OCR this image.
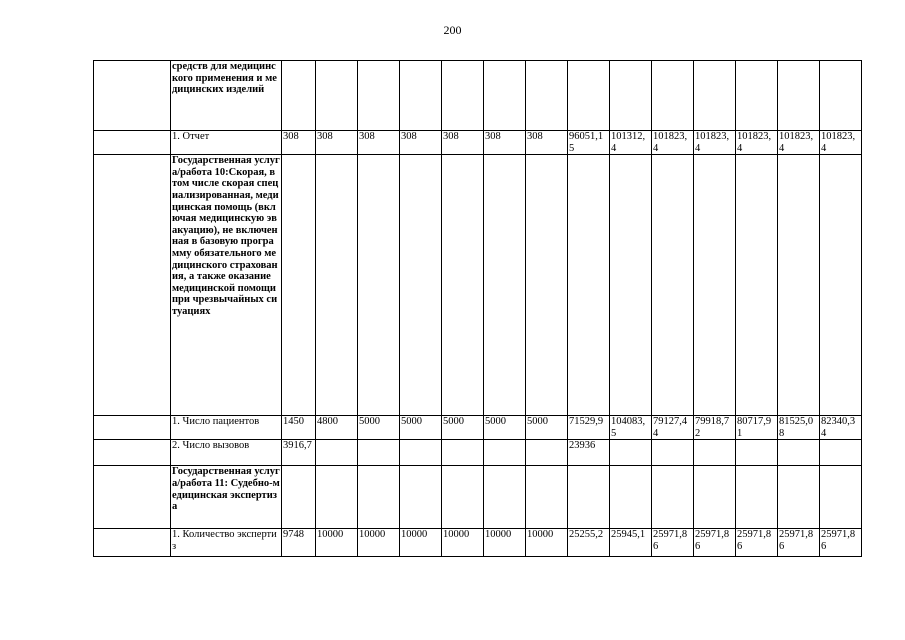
200
	средств для медицинского применения и медицинских изделий														
	1. Отчет	308	308	308	308	308	308	308	96051,15	101312,4	101823,4	101823,4	101823,4	101823,4	101823,4
	Государственная услуга/работа 10:Скорая, в том числе скорая специализированная, медицинская помощь (включая медицинскую эвакуацию), не включенная в базовую программу обязательного медицинского страхования, а также оказание медицинской помощи при чрезвычайных ситуациях														
	1. Число пациентов	1450	4800	5000	5000	5000	5000	5000	71529,9	104083,5	79127,44	79918,72	80717,91	81525,08	82340,34
	2. Число вызовов	3916,7							23936						
	Государственная услуга/работа 11: Судебно-медицинская экспертиза														
	1. Количество экспертиз	9748	10000	10000	10000	10000	10000	10000	25255,2	25945,1	25971,86	25971,86	25971,86	25971,86	25971,86
